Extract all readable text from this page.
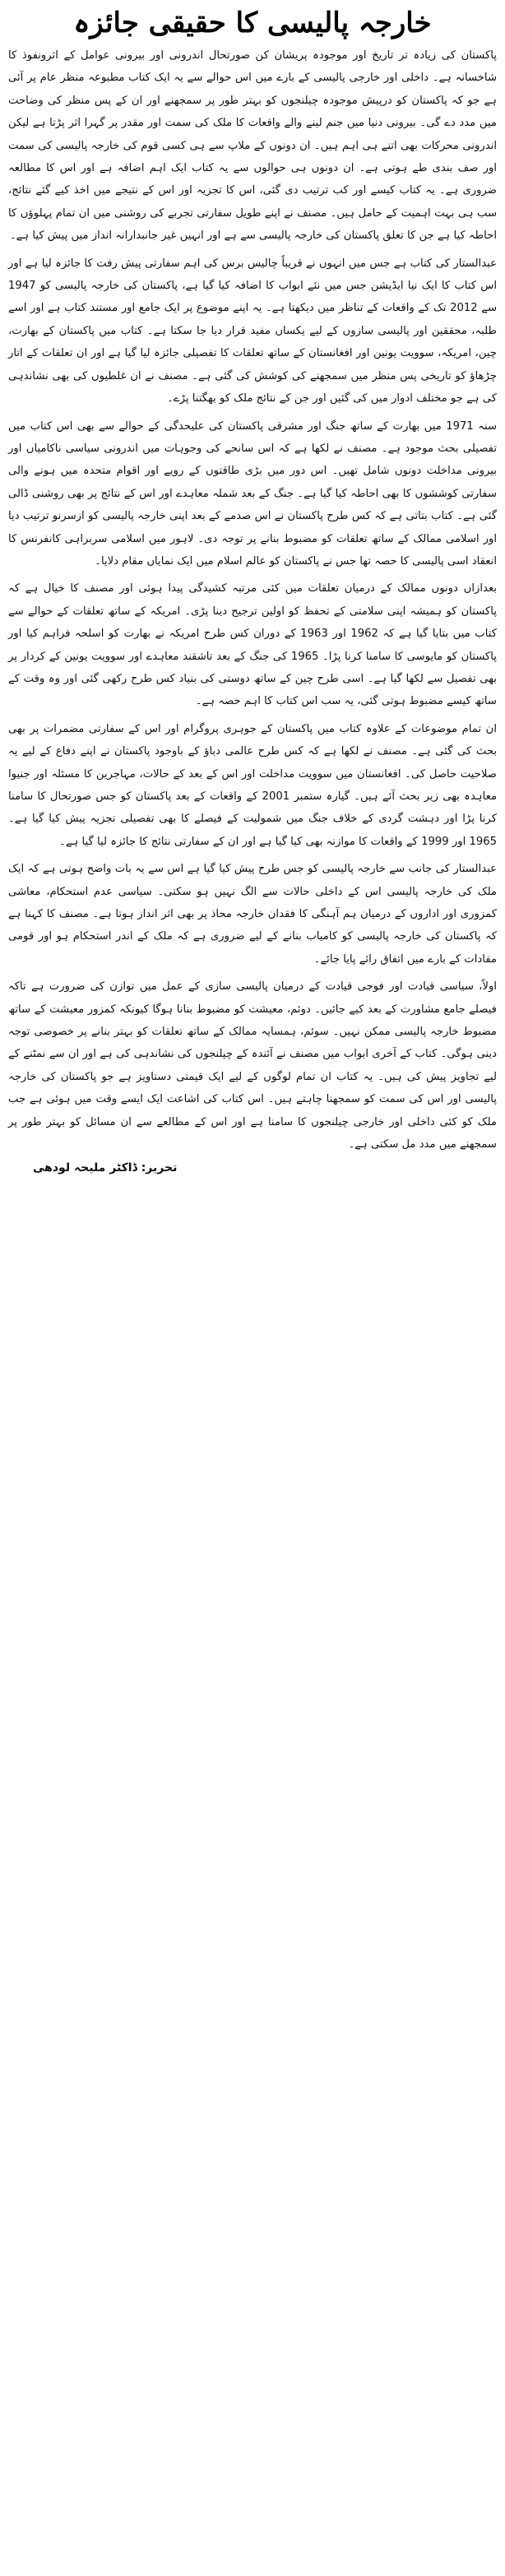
خارجہ پالیسی کا حقیقی جائزہ

پاکستان کی زیادہ تر تاریخ اور موجودہ پریشان کن صورتحال اندرونی اور بیرونی عوامل کے اثرونفوذ کا شاخسانہ ہے۔ داخلی اور خارجی پالیسی کے بارے میں اس حوالے سے یہ ایک کتاب مطبوعہ منظر عام پر آئی ہے جو کہ پاکستان کو درپیش موجودہ چیلنجوں کو بہتر طور پر سمجھنے اور ان کے پس منظر کی وضاحت میں مدد دے گی۔ بیرونی دنیا میں جنم لینے والے واقعات کا ملک کی سمت اور مقدر پر گہرا اثر پڑتا ہے لیکن اندرونی محرکات بھی اتنے ہی اہم ہیں۔ ان دونوں کے ملاپ سے ہی کسی قوم کی خارجہ پالیسی کی سمت اور صف بندی طے ہوتی ہے۔ ان دونوں ہی حوالوں سے یہ کتاب ایک اہم اضافہ ہے اور اس کا مطالعہ ضروری ہے۔ یہ کتاب کیسے اور کب ترتیب دی گئی، اس کا تجزیہ اور اس کے نتیجے میں اخذ کیے گئے نتائج، سب ہی بہت اہمیت کے حامل ہیں۔ مصنف نے اپنے طویل سفارتی تجربے کی روشنی میں ان تمام پہلوؤں کا احاطہ کیا ہے جن کا تعلق پاکستان کی خارجہ پالیسی سے ہے اور انہیں غیر جانبدارانہ انداز میں پیش کیا ہے۔

عبدالستار کی کتاب ہے جس میں انہوں نے قریباً چالیس برس کی اہم سفارتی پیش رفت کا جائزہ لیا ہے اور اس کتاب کا ایک نیا ایڈیشن جس میں نئے ابواب کا اضافہ کیا گیا ہے، پاکستان کی خارجہ پالیسی کو 1947 سے 2012 تک کے واقعات کے تناظر میں دیکھتا ہے۔ یہ اپنے موضوع پر ایک جامع اور مستند کتاب ہے اور اسے طلبہ، محققین اور پالیسی سازوں کے لیے یکساں مفید قرار دیا جا سکتا ہے۔ کتاب میں پاکستان کے بھارت، چین، امریکہ، سوویت یونین اور افغانستان کے ساتھ تعلقات کا تفصیلی جائزہ لیا گیا ہے اور ان تعلقات کے اتار چڑھاؤ کو تاریخی پس منظر میں سمجھنے کی کوشش کی گئی ہے۔ مصنف نے ان غلطیوں کی بھی نشاندہی کی ہے جو مختلف ادوار میں کی گئیں اور جن کے نتائج ملک کو بھگتنا پڑے۔

سنہ 1971 میں بھارت کے ساتھ جنگ اور مشرقی پاکستان کی علیحدگی کے حوالے سے بھی اس کتاب میں تفصیلی بحث موجود ہے۔ مصنف نے لکھا ہے کہ اس سانحے کی وجوہات میں اندرونی سیاسی ناکامیاں اور بیرونی مداخلت دونوں شامل تھیں۔ اس دور میں بڑی طاقتوں کے رویے اور اقوام متحدہ میں ہونے والی سفارتی کوششوں کا بھی احاطہ کیا گیا ہے۔ جنگ کے بعد شملہ معاہدے اور اس کے نتائج پر بھی روشنی ڈالی گئی ہے۔ کتاب بتاتی ہے کہ کس طرح پاکستان نے اس صدمے کے بعد اپنی خارجہ پالیسی کو ازسرنو ترتیب دیا اور اسلامی ممالک کے ساتھ تعلقات کو مضبوط بنانے پر توجہ دی۔ لاہور میں اسلامی سربراہی کانفرنس کا انعقاد اسی پالیسی کا حصہ تھا جس نے پاکستان کو عالم اسلام میں ایک نمایاں مقام دلایا۔

بعدازاں دونوں ممالک کے درمیان تعلقات میں کئی مرتبہ کشیدگی پیدا ہوئی اور مصنف کا خیال ہے کہ پاکستان کو ہمیشہ اپنی سلامتی کے تحفظ کو اولین ترجیح دینا پڑی۔ امریکہ کے ساتھ تعلقات کے حوالے سے کتاب میں بتایا گیا ہے کہ 1962 اور 1963 کے دوران کس طرح امریکہ نے بھارت کو اسلحہ فراہم کیا اور پاکستان کو مایوسی کا سامنا کرنا پڑا۔ 1965 کی جنگ کے بعد تاشقند معاہدے اور سوویت یونین کے کردار پر بھی تفصیل سے لکھا گیا ہے۔ اسی طرح چین کے ساتھ دوستی کی بنیاد کس طرح رکھی گئی اور وہ وقت کے ساتھ کیسے مضبوط ہوتی گئی، یہ سب اس کتاب کا اہم حصہ ہے۔

ان تمام موضوعات کے علاوہ کتاب میں پاکستان کے جوہری پروگرام اور اس کے سفارتی مضمرات پر بھی بحث کی گئی ہے۔ مصنف نے لکھا ہے کہ کس طرح عالمی دباؤ کے باوجود پاکستان نے اپنے دفاع کے لیے یہ صلاحیت حاصل کی۔ افغانستان میں سوویت مداخلت اور اس کے بعد کے حالات، مہاجرین کا مسئلہ اور جنیوا معاہدہ بھی زیر بحث آئے ہیں۔ گیارہ ستمبر 2001 کے واقعات کے بعد پاکستان کو جس صورتحال کا سامنا کرنا پڑا اور دہشت گردی کے خلاف جنگ میں شمولیت کے فیصلے کا بھی تفصیلی تجزیہ پیش کیا گیا ہے۔ 1965 اور 1999 کے واقعات کا موازنہ بھی کیا گیا ہے اور ان کے سفارتی نتائج کا جائزہ لیا گیا ہے۔

عبدالستار کی جانب سے خارجہ پالیسی کو جس طرح پیش کیا گیا ہے اس سے یہ بات واضح ہوتی ہے کہ ایک ملک کی خارجہ پالیسی اس کے داخلی حالات سے الگ نہیں ہو سکتی۔ سیاسی عدم استحکام، معاشی کمزوری اور اداروں کے درمیان ہم آہنگی کا فقدان خارجہ محاذ پر بھی اثر انداز ہوتا ہے۔ مصنف کا کہنا ہے کہ پاکستان کی خارجہ پالیسی کو کامیاب بنانے کے لیے ضروری ہے کہ ملک کے اندر استحکام ہو اور قومی مفادات کے بارے میں اتفاق رائے پایا جائے۔

اولاً، سیاسی قیادت اور فوجی قیادت کے درمیان پالیسی سازی کے عمل میں توازن کی ضرورت ہے تاکہ فیصلے جامع مشاورت کے بعد کیے جائیں۔ دوئم، معیشت کو مضبوط بنانا ہوگا کیونکہ کمزور معیشت کے ساتھ مضبوط خارجہ پالیسی ممکن نہیں۔ سوئم، ہمسایہ ممالک کے ساتھ تعلقات کو بہتر بنانے پر خصوصی توجہ دینی ہوگی۔ کتاب کے آخری ابواب میں مصنف نے آئندہ کے چیلنجوں کی نشاندہی کی ہے اور ان سے نمٹنے کے لیے تجاویز پیش کی ہیں۔ یہ کتاب ان تمام لوگوں کے لیے ایک قیمتی دستاویز ہے جو پاکستان کی خارجہ پالیسی اور اس کی سمت کو سمجھنا چاہتے ہیں۔ اس کتاب کی اشاعت ایک ایسے وقت میں ہوئی ہے جب ملک کو کئی داخلی اور خارجی چیلنجوں کا سامنا ہے اور اس کے مطالعے سے ان مسائل کو بہتر طور پر سمجھنے میں مدد مل سکتی ہے۔

تحریر: ڈاکٹر ملیحہ لودھی
